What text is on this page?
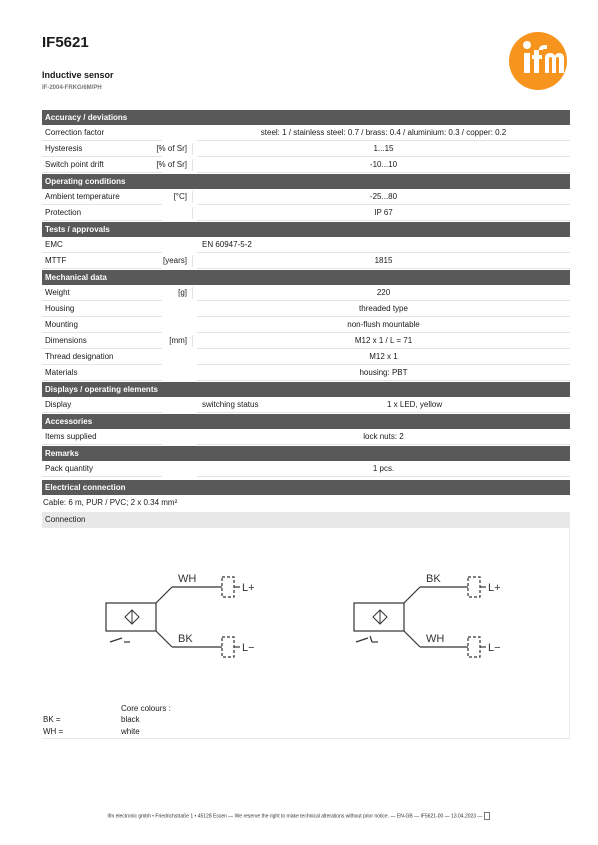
IF5621
Inductive sensor
IF-2004-FRKG/6M/PH
Accuracy / deviations
Correction factor	steel: 1 / stainless steel: 0.7 / brass: 0.4 / aluminium: 0.3 / copper: 0.2
Hysteresis	[% of Sr]	1...15
Switch point drift	[% of Sr]	-10...10
Operating conditions
Ambient temperature	[°C]	-25...80
Protection	IP 67
Tests / approvals
EMC	EN 60947-5-2
MTTF	[years]	1815
Mechanical data
Weight	[g]	220
Housing	threaded type
Mounting	non-flush mountable
Dimensions	[mm]	M12 x 1 / L = 71
Thread designation	M12 x 1
Materials	housing: PBT
Displays / operating elements
Display	switching status	1 x LED, yellow
Accessories
Items supplied	lock nuts: 2
Remarks
Pack quantity	1 pcs.
Electrical connection
Cable: 6 m, PUR / PVC; 2 x 0.34 mm²
Connection
WH
BK
L+
L−
BK
WH
L+
L−
Core colours :
BK =	black
WH =	white
ifm electronic gmbh • Friedrichstraße 1 • 45128 Essen — We reserve the right to make technical alterations without prior notice. — EN-GB — IF5621-00 — 13.04.2023 —
